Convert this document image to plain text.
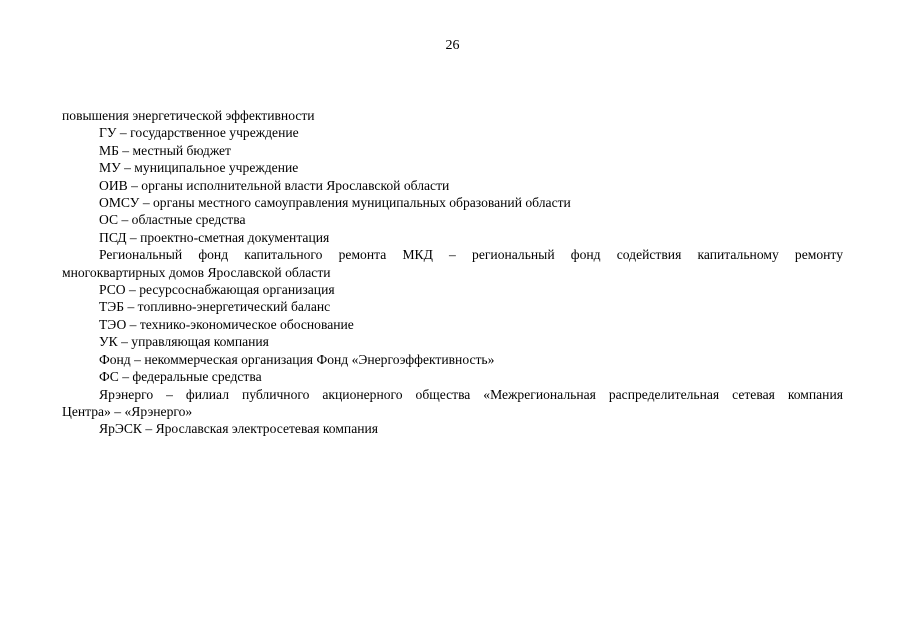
26

повышения энергетической эффективности

ГУ – государственное учреждение

МБ – местный бюджет

МУ – муниципальное учреждение

ОИВ – органы исполнительной власти Ярославской области

ОМСУ – органы местного самоуправления муниципальных образований области

ОС – областные средства

ПСД – проектно-сметная документация

Региональный фонд капитального ремонта МКД – региональный фонд содействия капитальному ремонту
многоквартирных домов Ярославской области

РСО – ресурсоснабжающая организация

ТЭБ – топливно-энергетический баланс

ТЭО – технико-экономическое обоснование

УК – управляющая компания

Фонд – некоммерческая организация Фонд «Энергоэффективность»

ФС – федеральные средства

Ярэнерго – филиал публичного акционерного общества «Межрегиональная распределительная сетевая компания
Центра» – «Ярэнерго»

ЯрЭСК – Ярославская электросетевая компания
